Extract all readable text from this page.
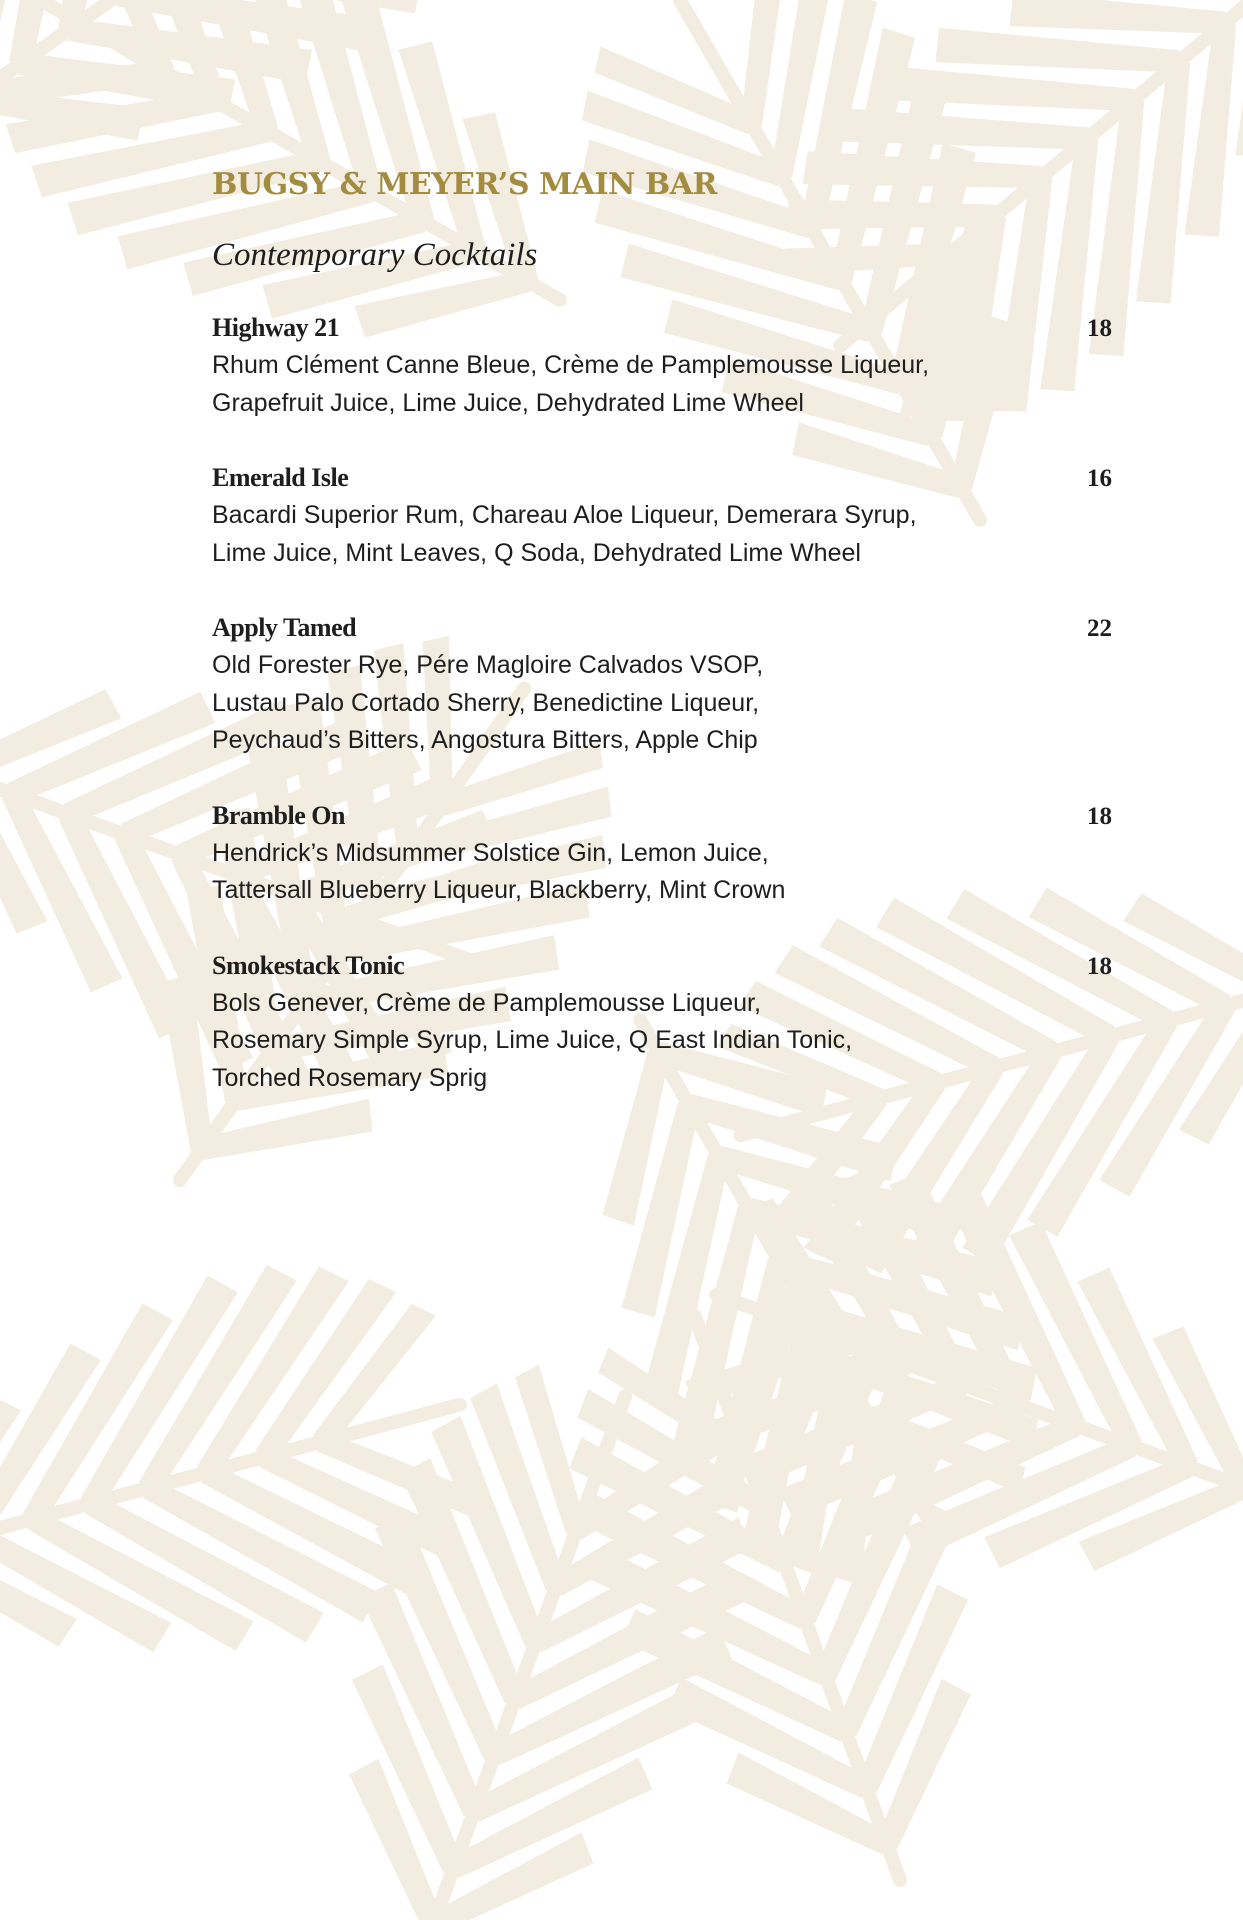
BUGSY & MEYER’S MAIN BAR
Contemporary Cocktails
Highway 21	18
Rhum Clément Canne Bleue, Crème de Pamplemousse Liqueur,
Grapefruit Juice, Lime Juice, Dehydrated Lime Wheel
Emerald Isle	16
Bacardi Superior Rum, Chareau Aloe Liqueur, Demerara Syrup,
Lime Juice, Mint Leaves, Q Soda, Dehydrated Lime Wheel
Apply Tamed	22
Old Forester Rye, Pére Magloire Calvados VSOP,
Lustau Palo Cortado Sherry, Benedictine Liqueur,
Peychaud’s Bitters, Angostura Bitters, Apple Chip
Bramble On	18
Hendrick’s Midsummer Solstice Gin, Lemon Juice,
Tattersall Blueberry Liqueur, Blackberry, Mint Crown
Smokestack Tonic	18
Bols Genever, Crème de Pamplemousse Liqueur,
Rosemary Simple Syrup, Lime Juice, Q East Indian Tonic,
Torched Rosemary Sprig
